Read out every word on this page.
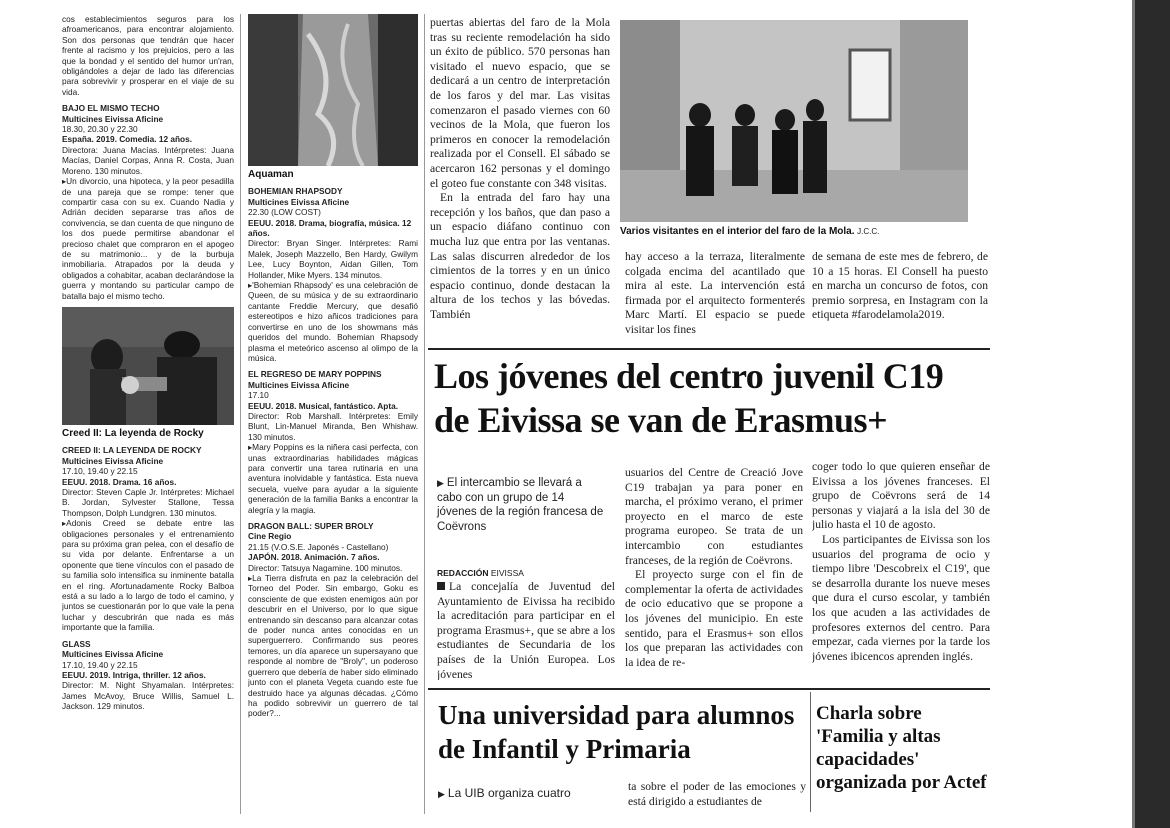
cos establecimientos seguros para los afroamericanos, para encontrar alojamiento. Son dos personas que tendrán que hacer frente al racismo y los prejuicios, pero a las que la bondad y el sentido del humor un'ran, obligándoles a dejar de lado las diferencias para sobrevivir y prosperar en el viaje de su vida.

BAJO EL MISMO TECHO
Multicines Eivissa Aficine
18.30, 20.30 y 22.30
España. 2019. Comedia. 12 años.

Directora: Juana Macías. Intérpretes: Juana Macías, Daniel Corpas, Anna R. Costa, Juan Moreno. 130 minutos.

▸Un divorcio, una hipoteca, y la peor pesadilla de una pareja que se rompe: tener que compartir casa con su ex. Cuando Nadia y Adrián deciden separarse tras años de convivencia, se dan cuenta de que ninguno de los dos puede permitirse abandonar el precioso chalet que compraron en el apogeo de su matrimonio... y de la burbuja inmobiliaria. Atrapados por la deuda y obligados a cohabitar, acaban declarándose la guerra y montando su particular campo de batalla bajo el mismo techo.

Creed II: La leyenda de Rocky
CREED II: LA LEYENDA DE ROCKY
Multicines Eivissa Aficine
17.10, 19.40 y 22.15
EEUU. 2018. Drama. 16 años.

Director: Steven Caple Jr. Intérpretes: Michael B. Jordan, Sylvester Stallone, Tessa Thompson, Dolph Lundgren. 130 minutos.

▸Adonis Creed se debate entre las obligaciones personales y el entrenamiento para su próxima gran pelea, con el desafío de su vida por delante. Enfrentarse a un oponente que tiene vínculos con el pasado de su familia solo intensifica su inminente batalla en el ring. Afortunadamente Rocky Balboa está a su lado a lo largo de todo el camino, y juntos se cuestionarán por lo que vale la pena luchar y descubrirán que nada es más importante que la familia.

GLASS
Multicines Eivissa Aficine
17.10, 19.40 y 22.15
EEUU. 2019. Intriga, thriller. 12 años.

Director: M. Night Shyamalan. Intérpretes: James McAvoy, Bruce Willis, Samuel L. Jackson. 129 minutos.

Aquaman
BOHEMIAN RHAPSODY
Multicines Eivissa Aficine
22.30 (LOW COST)
EEUU. 2018. Drama, biografía, música. 12 años.

Director: Bryan Singer. Intérpretes: Rami Malek, Joseph Mazzello, Ben Hardy, Gwilym Lee, Lucy Boynton, Aidan Gillen, Tom Hollander, Mike Myers. 134 minutos.

▸'Bohemian Rhapsody' es una celebración de Queen, de su música y de su extraordinario cantante Freddie Mercury, que desafió estereotipos e hizo añicos tradiciones para convertirse en uno de los showmans más queridos del mundo. Bohemian Rhapsody plasma el meteórico ascenso al olimpo de la música.

EL REGRESO DE MARY POPPINS
Multicines Eivissa Aficine
17.10
EEUU. 2018. Musical, fantástico. Apta.

Director: Rob Marshall. Intérpretes: Emily Blunt, Lin-Manuel Miranda, Ben Whishaw. 130 minutos.

▸Mary Poppins es la niñera casi perfecta, con unas extraordinarias habilidades mágicas para convertir una tarea rutinaria en una aventura inolvidable y fantástica. Esta nueva secuela, vuelve para ayudar a la siguiente generación de la familia Banks a encontrar la alegría y la magia.

DRAGON BALL: SUPER BROLY
Cine Regio
21.15 (V.O.S.E. Japonés - Castellano)
JAPÓN. 2018. Animación. 7 años.

Director: Tatsuya Nagamine. 100 minutos.

▸La Tierra disfruta en paz la celebración del Torneo del Poder. Sin embargo, Goku es consciente de que existen enemigos aún por descubrir en el Universo, por lo que sigue entrenando sin descanso para alcanzar cotas de poder nunca antes conocidas en un superguerrero. Confirmando sus peores temores, un día aparece un supersayano que responde al nombre de "Broly", un poderoso guerrero que debería de haber sido eliminado junto con el planeta Vegeta cuando este fue destruido hace ya algunas décadas. ¿Cómo ha podido sobrevivir un guerrero de tal poder?...

puertas abiertas del faro de la Mola tras su reciente remodelación ha sido un éxito de público. 570 personas han visitado el nuevo espacio, que se dedicará a un centro de interpretación de los faros y del mar. Las visitas comenzaron el pasado viernes con 60 vecinos de la Mola, que fueron los primeros en conocer la remodelación realizada por el Consell. El sábado se acercaron 162 personas y el domingo el goteo fue constante con 348 visitas.

En la entrada del faro hay una recepción y los baños, que dan paso a un espacio diáfano continuo con mucha luz que entra por las ventanas. Las salas discurren alrededor de los cimientos de la torres y en un único espacio continuo, donde destacan la altura de los techos y las bóvedas. También

Varios visitantes en el interior del faro de la Mola. J.C.C.

hay acceso a la terraza, literalmente colgada encima del acantilado que mira al este. La intervención está firmada por el arquitecto formenterés Marc Martí. El espacio se puede visitar los fines

de semana de este mes de febrero, de 10 a 15 horas. El Consell ha puesto en marcha un concurso de fotos, con premio sorpresa, en Instagram con la etiqueta #farodelamola2019.

Los jóvenes del centro juvenil C19
de Eivissa se van de Erasmus+
▶ El intercambio se llevará a cabo con un grupo de 14 jóvenes de la región francesa de Coëvrons
REDACCIÓN EIVISSA

La concejalía de Juventud del Ayuntamiento de Eivissa ha recibido la acreditación para participar en el programa Erasmus+, que se abre a los estudiantes de Secundaria de los países de la Unión Europea. Los jóvenes

usuarios del Centre de Creació Jove C19 trabajan ya para poner en marcha, el próximo verano, el primer proyecto en el marco de este programa europeo. Se trata de un intercambio con estudiantes franceses, de la región de Coëvrons.

El proyecto surge con el fin de complementar la oferta de actividades de ocio educativo que se propone a los jóvenes del municipio. En este sentido, para el Erasmus+ son ellos los que preparan las actividades con la idea de re-

coger todo lo que quieren enseñar de Eivissa a los jóvenes franceses. El grupo de Coëvrons será de 14 personas y viajará a la isla del 30 de julio hasta el 10 de agosto.

Los participantes de Eivissa son los usuarios del programa de ocio y tiempo libre 'Descobreix el C19', que se desarrolla durante los nueve meses que dura el curso escolar, y también los que acuden a las actividades de profesores externos del centro. Para empezar, cada viernes por la tarde los jóvenes ibicencos aprenden inglés.

Una universidad para alumnos
de Infantil y Primaria
▶ La UIB organiza cuatro	ta sobre el poder de las emociones y está dirigido a estudiantes de

Charla sobre 'Familia y altas capacidades' organizada por Actef
